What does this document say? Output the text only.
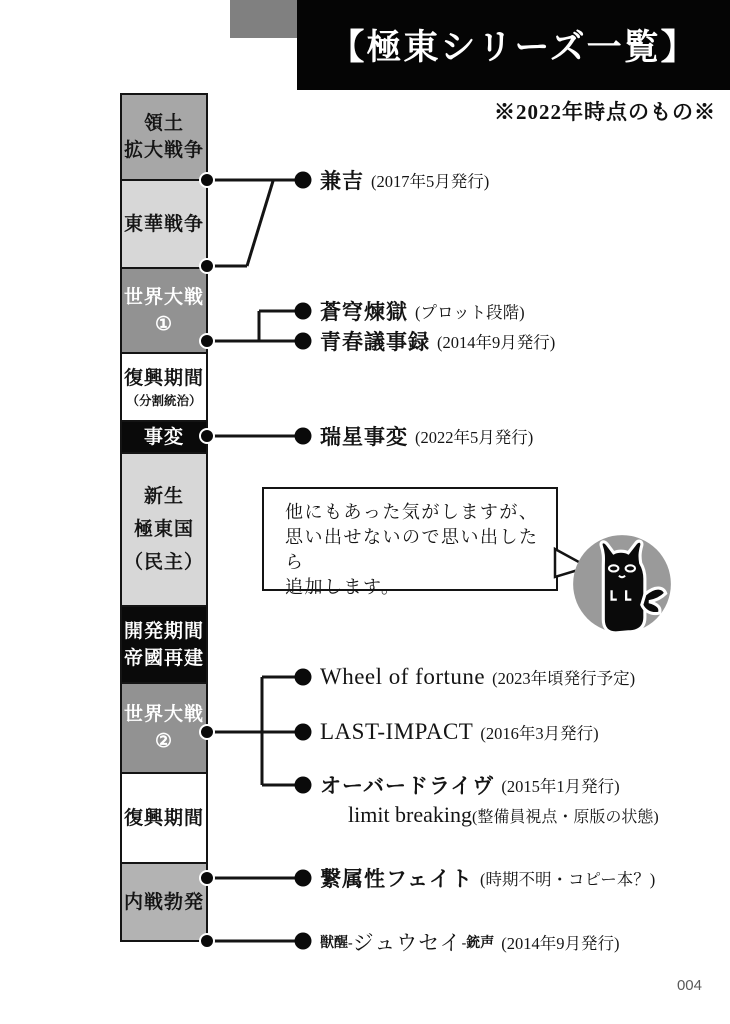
【極東シリーズ一覧】
※2022年時点のもの※
領土
拡大戦争
東華戦争
世界大戦
①
復興期間
（分割統治）
事変
新生
極東国
（民主）
開発期間
帝國再建
世界大戦
②
復興期間
内戦勃発
他にもあった気がしますが、
思い出せないので思い出したら
追加します。
兼吉 (2017年5月発行)
蒼穹煉獄 (プロット段階)
青春議事録 (2014年9月発行)
瑞星事変 (2022年5月発行)
Wheel of fortune (2023年頃発行予定)
LAST-IMPACT (2016年3月発行)
オーバードライヴ (2015年1月発行)
limit breaking (整備員視点・原版の状態)
繋属性フェイト (時期不明・コピー本？)
獣醒- ジュウセイ -銃声 (2014年9月発行)
004
